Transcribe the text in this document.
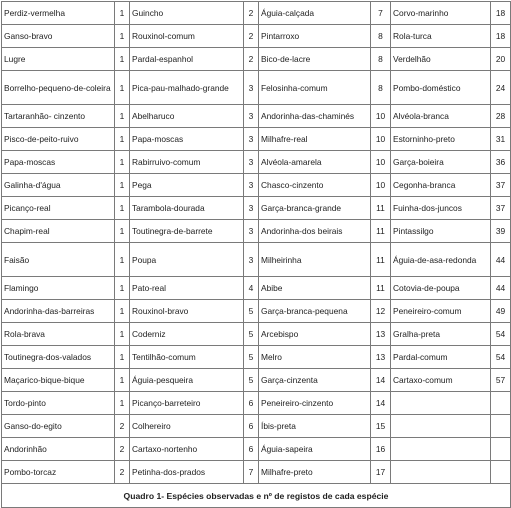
Perdiz-vermelha	1	Guincho	2	Águia-calçada	7	Corvo-marinho	18
Ganso-bravo	1	Rouxinol-comum	2	Pintarroxo	8	Rola-turca	18
Lugre	1	Pardal-espanhol	2	Bico-de-lacre	8	Verdelhão	20
Borrelho-pequeno-de-coleira	1	Pica-pau-malhado-grande	3	Felosinha-comum	8	Pombo-doméstico	24
Tartaranhão- cinzento	1	Abelharuco	3	Andorinha-das-chaminés	10	Alvéola-branca	28
Pisco-de-peito-ruivo	1	Papa-moscas	3	Milhafre-real	10	Estorninho-preto	31
Papa-moscas	1	Rabirruivo-comum	3	Alvéola-amarela	10	Garça-boieira	36
Galinha-d'água	1	Pega	3	Chasco-cinzento	10	Cegonha-branca	37
Picanço-real	1	Tarambola-dourada	3	Garça-branca-grande	11	Fuinha-dos-juncos	37
Chapim-real	1	Toutinegra-de-barrete	3	Andorinha-dos beirais	11	Pintassilgo	39
Faisão	1	Poupa	3	Milheirinha	11	Águia-de-asa-redonda	44
Flamingo	1	Pato-real	4	Abibe	11	Cotovia-de-poupa	44
Andorinha-das-barreiras	1	Rouxinol-bravo	5	Garça-branca-pequena	12	Peneireiro-comum	49
Rola-brava	1	Coderniz	5	Arcebispo	13	Gralha-preta	54
Toutinegra-dos-valados	1	Tentilhão-comum	5	Melro	13	Pardal-comum	54
Maçarico-bique-bique	1	Águia-pesqueira	5	Garça-cinzenta	14	Cartaxo-comum	57
Tordo-pinto	1	Picanço-barreteiro	6	Peneireiro-cinzento	14		
Ganso-do-egito	2	Colhereiro	6	Íbis-preta	15		
Andorinhão	2	Cartaxo-nortenho	6	Águia-sapeira	16		
Pombo-torcaz	2	Petinha-dos-prados	7	Milhafre-preto	17		
Quadro 1- Espécies observadas e nº de registos de cada espécie							
